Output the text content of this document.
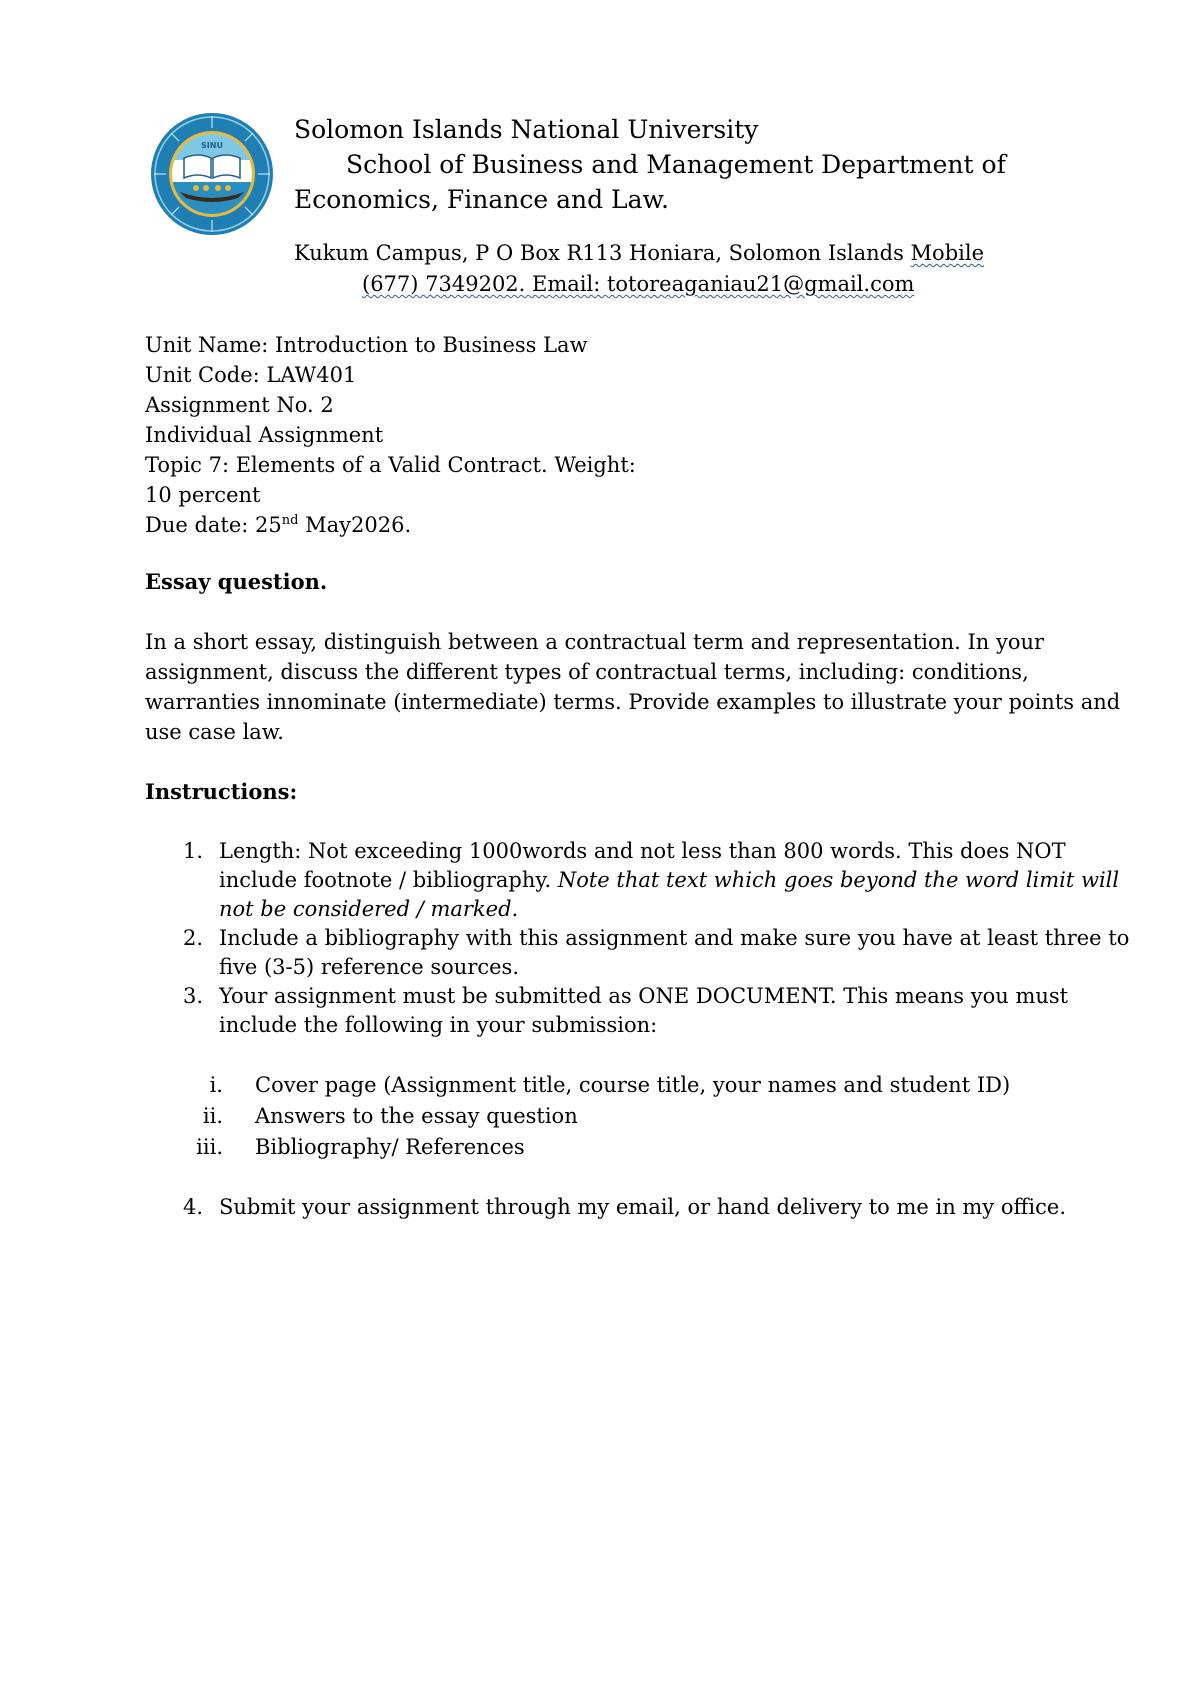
SINU
Solomon Islands National University
School of Business and Management Department of
Economics, Finance and Law.
Kukum Campus, P O Box R113 Honiara, Solomon Islands Mobile
(677) 7349202. Email: totoreaganiau21@gmail.com
Unit Name: Introduction to Business Law
Unit Code: LAW401
Assignment No. 2
Individual Assignment
Topic 7: Elements of a Valid Contract. Weight:
10 percent
Due date: 25nd May2026.
Essay question.
In a short essay, distinguish between a contractual term and representation. In your assignment, discuss the different types of contractual terms, including: conditions, warranties innominate (intermediate) terms. Provide examples to illustrate your points and use case law.
Instructions:
1. Length: Not exceeding 1000words and not less than 800 words. This does NOT include footnote / bibliography. Note that text which goes beyond the word limit will not be considered / marked.
2. Include a bibliography with this assignment and make sure you have at least three to five (3-5) reference sources.
3. Your assignment must be submitted as ONE DOCUMENT. This means you must include the following in your submission:
i. Cover page (Assignment title, course title, your names and student ID)
ii. Answers to the essay question
iii. Bibliography/ References
4. Submit your assignment through my email, or hand delivery to me in my office.
